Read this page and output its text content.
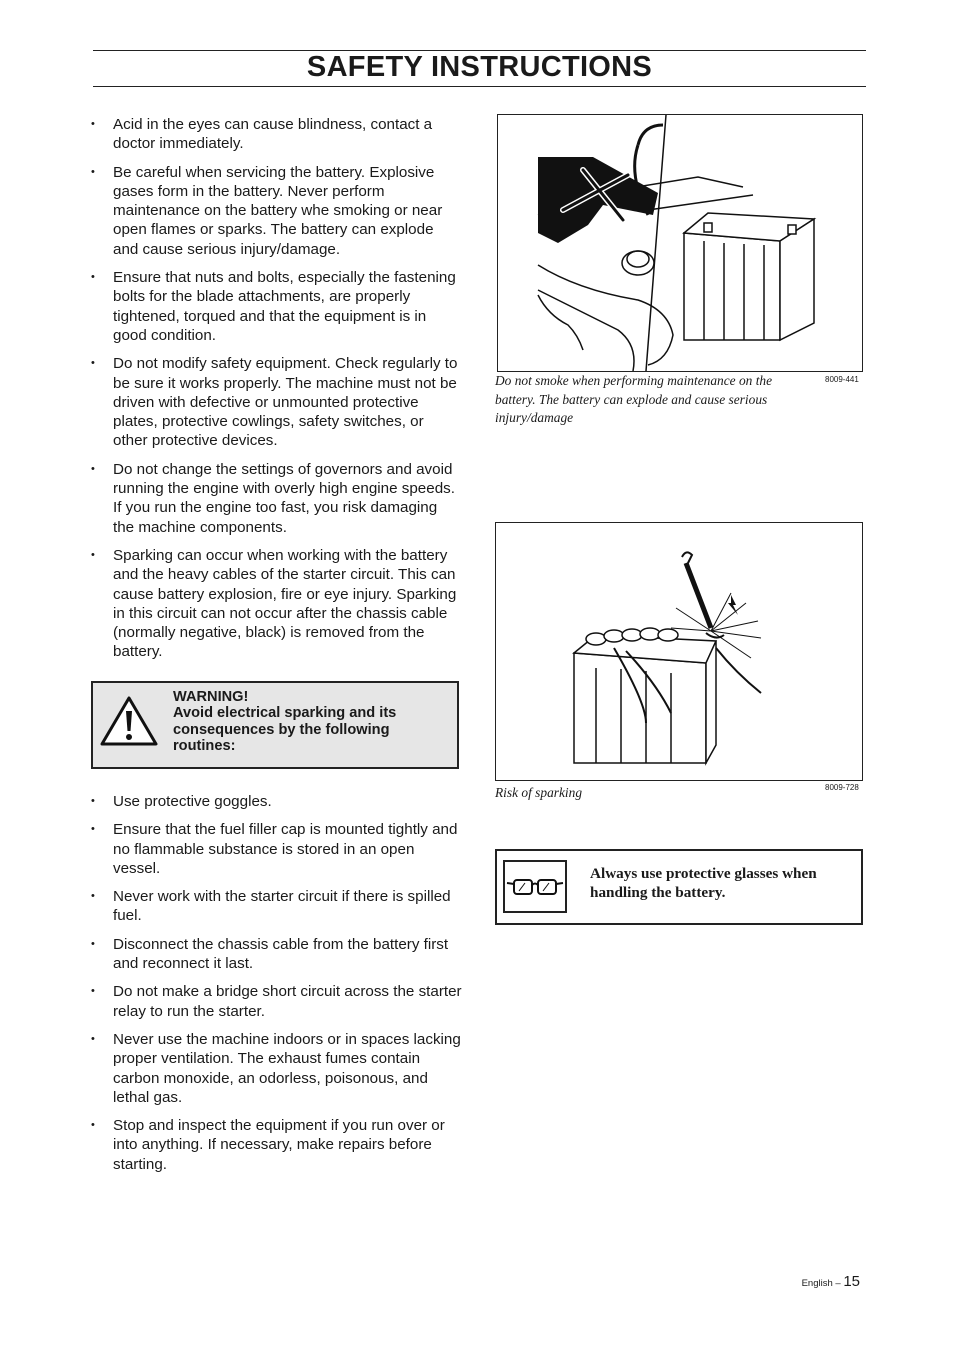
SAFETY INSTRUCTIONS
• Acid in the eyes can cause blindness, contact a doctor immediately.
• Be careful when servicing the battery. Explosive gases form in the battery. Never perform maintenance on the battery whe smoking or near open flames or sparks. The battery can explode and cause serious injury/damage.
• Ensure that nuts and bolts, especially the fastening bolts for the blade attachments, are properly tightened, torqued and that the equipment is in good condition.
• Do not modify safety equipment. Check regularly to be sure it works properly. The machine must not be driven with defective or unmounted protective plates, protective cowlings, safety switches, or other protective devices.
• Do not change the settings of governors and avoid running the engine with overly high engine speeds. If you run the engine too fast, you risk damaging the machine components.
• Sparking can occur when working with the battery and the heavy cables of the starter circuit. This can cause battery explosion, fire or eye injury. Sparking in this circuit can not occur after the chassis cable (normally negative, black) is removed from the battery.
WARNING!
Avoid electrical sparking and its consequences by the following routines:
• Use protective goggles.
• Ensure that the fuel filler cap is mounted tightly and no flammable substance is stored in an open vessel.
• Never work with the starter circuit if there is spilled fuel.
• Disconnect the chassis cable from the battery first and reconnect it last.
• Do not make a bridge short circuit across the starter relay to run the starter.
• Never use the machine indoors or in spaces lacking proper ventilation. The exhaust fumes contain carbon monoxide, an odorless, poisonous, and lethal gas.
• Stop and inspect the equipment if you run over or into anything. If necessary, make repairs before starting.
Do not smoke when performing maintenance on the battery. The battery can explode and cause serious injury/damage
8009-441
Risk of sparking	8009-728
Always use protective glasses when handling the battery.
English – 15
